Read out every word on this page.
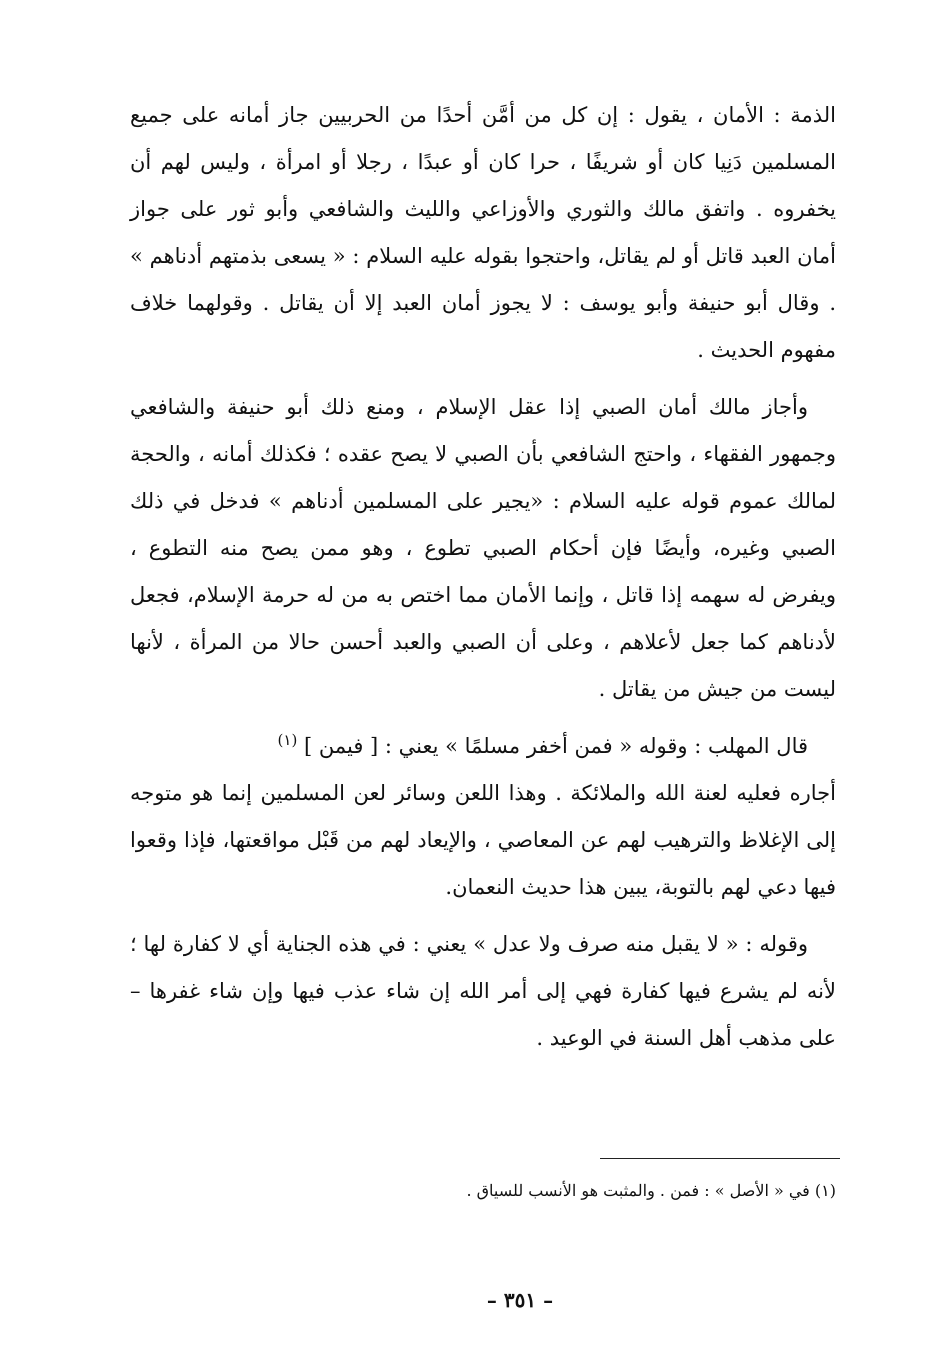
الذمة : الأمان ، يقول : إن كل من أمَّن أحدًا من الحربيين جاز أمانه على جميع المسلمين دَنِيا كان أو شريفًا ، حرا كان أو عبدًا ، رجلا أو امرأة ، وليس لهم أن يخفروه . واتفق مالك والثوري والأوزاعي والليث والشافعي وأبو ثور على جواز أمان العبد قاتل أو لم يقاتل، واحتجوا بقوله عليه السلام : « يسعى بذمتهم أدناهم » . وقال أبو حنيفة وأبو يوسف : لا يجوز أمان العبد إلا أن يقاتل . وقولهما خلاف مفهوم الحديث .

وأجاز مالك أمان الصبي إذا عقل الإسلام ، ومنع ذلك أبو حنيفة والشافعي وجمهور الفقهاء ، واحتج الشافعي بأن الصبي لا يصح عقده ؛ فكذلك أمانه ، والحجة لمالك عموم قوله عليه السلام : «يجير على المسلمين أدناهم » فدخل في ذلك الصبي وغيره، وأيضًا فإن أحكام الصبي تطوع ، وهو ممن يصح منه التطوع ، ويفرض له سهمه إذا قاتل ، وإنما الأمان مما اختص به من له حرمة الإسلام، فجعل لأدناهم كما جعل لأعلاهم ، وعلى أن الصبي والعبد أحسن حالا من المرأة ، لأنها ليست من جيش من يقاتل .

قال المهلب : وقوله « فمن أخفر مسلمًا » يعني : [ فيمن ] $^{(١)}$
أجاره فعليه لعنة الله والملائكة . وهذا اللعن وسائر لعن المسلمين إنما هو متوجه إلى الإغلاظ والترهيب لهم عن المعاصي ، والإيعاد لهم من قَبْل مواقعتها، فإذا وقعوا فيها دعي لهم بالتوبة، يبين هذا حديث النعمان.

وقوله : « لا يقبل منه صرف ولا عدل » يعني : في هذه الجناية أي لا كفارة لها ؛ لأنه لم يشرع فيها كفارة فهي إلى أمر الله إن شاء عذب فيها وإن شاء غفرها – على مذهب أهل السنة في الوعيد .

(١) في « الأصل » : فمن . والمثبت هو الأنسب للسياق .
– ٣٥١ –
